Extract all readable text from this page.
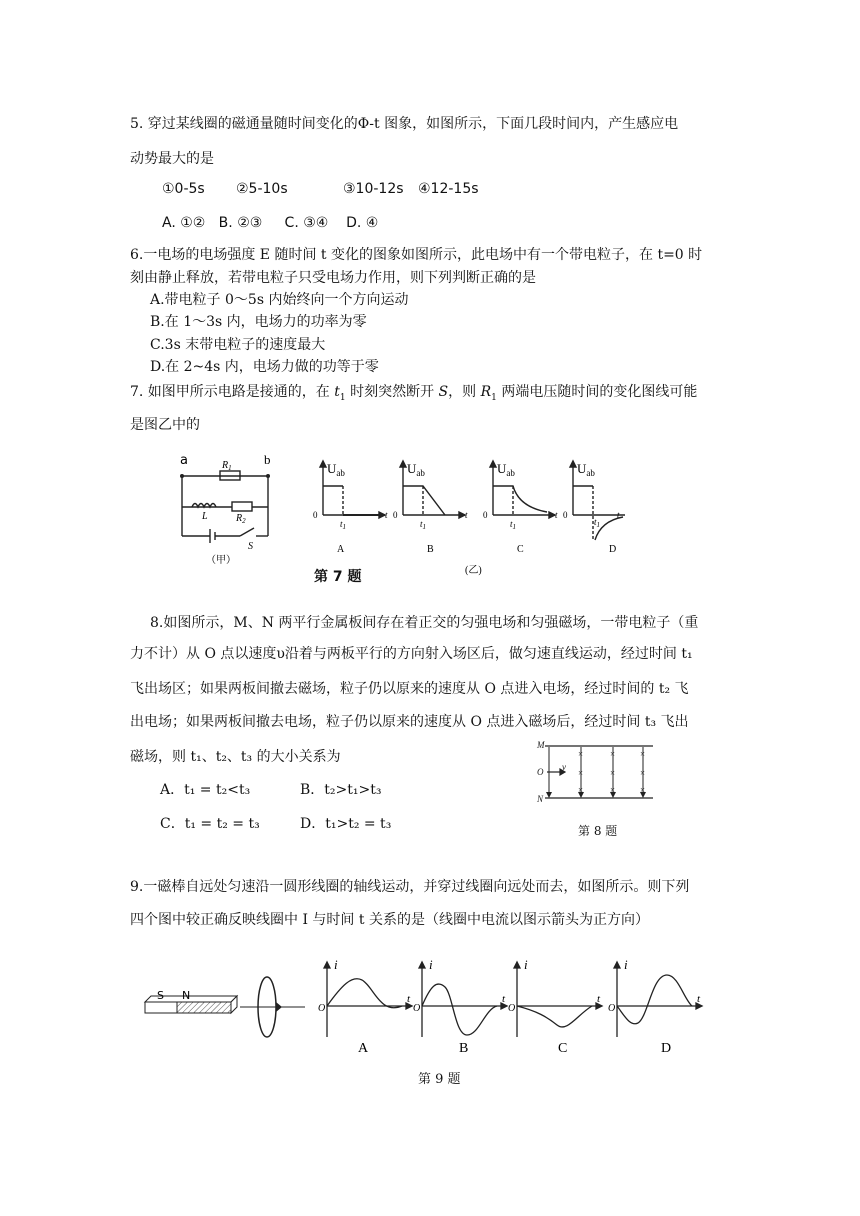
5. 穿过某线圈的磁通量随时间变化的Φ-t 图象，如图所示，下面几段时间内，产生感应电
动势最大的是
①0-5s ②5-10s	③10-12s ④12-15s
A. ①②   B. ②③     C. ③④    D. ④
6.一电场的电场强度 E 随时间 t 变化的图象如图所示，此电场中有一个带电粒子，在 t=0 时
刻由静止释放，若带电粒子只受电场力作用，则下列判断正确的是
A.带电粒子 0～5s 内始终向一个方向运动
B.在 1～3s 内，电场力的功率为零
C.3s 末带电粒子的速度最大
D.在 2~4s 内，电场力做的功等于零
7. 如图甲所示电路是接通的，在 $t_1$ 时刻突然断开 S，则 $R_1$ 两端电压随时间的变化图线可能
是图乙中的
a	b
$R_1$
L	$R_2$
S
（甲）
$U_{ab}$	$U_{ab}$	$U_{ab}$	$U_{ab}$
0	0	0	0
$t_1$	$t_1$	$t_1$	$t_1$
t	t	t	t
A	B	C	D
(乙)
第 7 题
8.如图所示，M、N 两平行金属板间存在着正交的匀强电场和匀强磁场，一带电粒子（重
力不计）从 O 点以速度υ沿着与两板平行的方向射入场区后，做匀速直线运动，经过时间 t₁
飞出场区；如果两板间撤去磁场，粒子仍以原来的速度从 O 点进入电场，经过时间的 t₂ 飞
出电场；如果两板间撤去电场，粒子仍以原来的速度从 O 点进入磁场后，经过时间 t₃ 飞出
磁场，则 t₁、t₂、t₃ 的大小关系为
A．t₁ = t₂<t₃	B．t₂>t₁>t₃
C．t₁ = t₂ = t₃	D．t₁>t₂ = t₃
M
N
O v
×	×	×
×	×	×
×	×	×
第 8 题
9.一磁棒自远处匀速沿一圆形线圈的轴线运动，并穿过线圈向远处而去，如图所示。则下列
四个图中较正确反映线圈中 I 与时间 t 关系的是（线圈中电流以图示箭头为正方向）
S N
i	i	i	i
t	t	t	t
O	O	O	O
A	B	C	D
第 9 题
